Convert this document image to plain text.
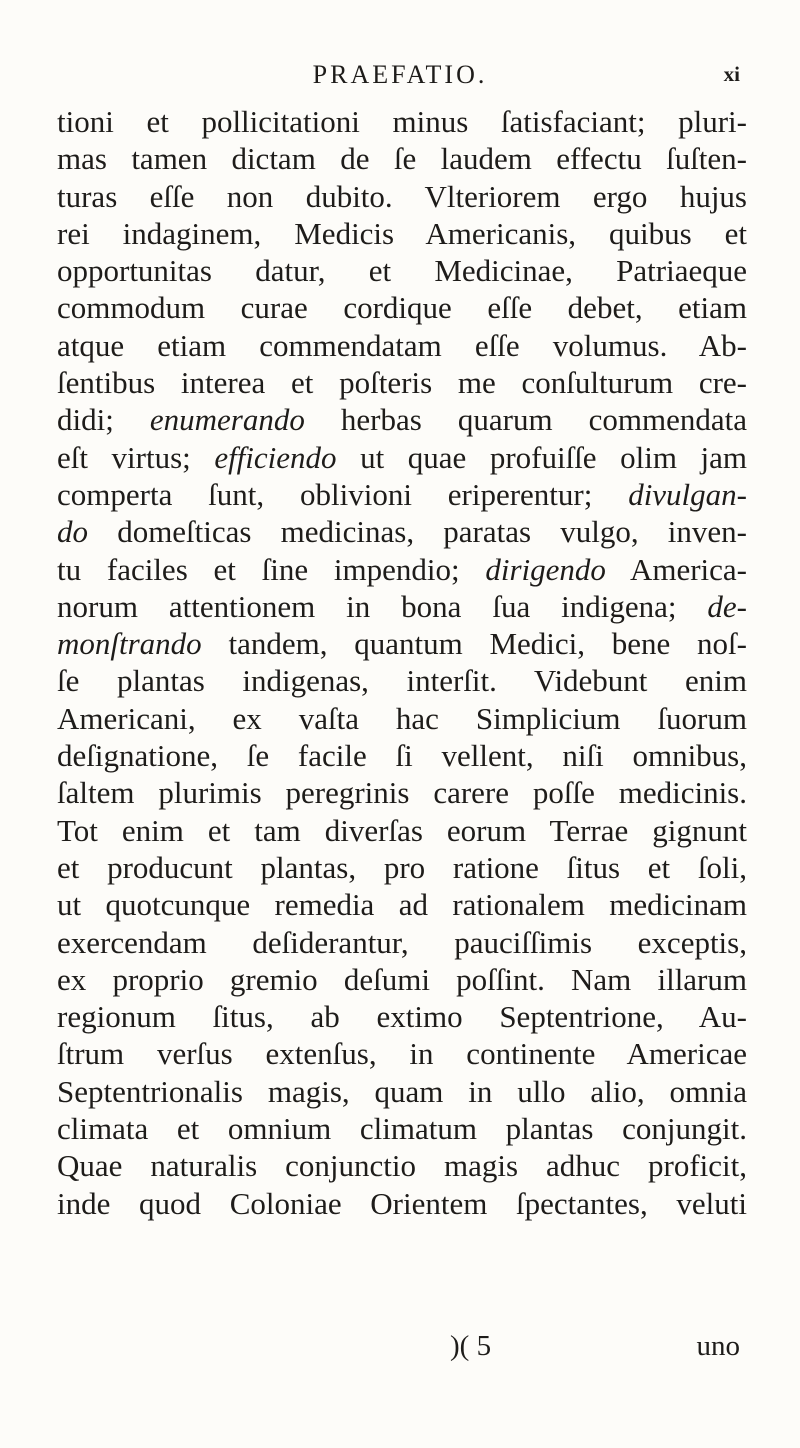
PRAEFATIO.	xi
tioni et pollicitationi minus ſatisfaciant; pluri-
mas tamen dictam de ſe laudem effectu ſuſten-
turas eſſe non dubito. Vlteriorem ergo hujus
rei indaginem, Medicis Americanis, quibus et
opportunitas datur, et Medicinae, Patriaeque
commodum curae cordique eſſe debet, etiam
atque etiam commendatam eſſe volumus. Ab-
ſentibus interea et poſteris me conſulturum cre-
didi; enumerando herbas quarum commendata
eſt virtus; efficiendo ut quae profuiſſe olim jam
comperta ſunt, oblivioni eriperentur; divulgan-
do domeſticas medicinas, paratas vulgo, inven-
tu faciles et ſine impendio; dirigendo America-
norum attentionem in bona ſua indigena; de-
monſtrando tandem, quantum Medici, bene noſ-
ſe plantas indigenas, interſit. Videbunt enim
Americani, ex vaſta hac Simplicium ſuorum
deſignatione, ſe facile ſi vellent, niſi omnibus,
ſaltem plurimis peregrinis carere poſſe medicinis.
Tot enim et tam diverſas eorum Terrae gignunt
et producunt plantas, pro ratione ſitus et ſoli,
ut quotcunque remedia ad rationalem medicinam
exercendam deſiderantur, pauciſſimis exceptis,
ex proprio gremio deſumi poſſint. Nam illarum
regionum ſitus, ab extimo Septentrione, Au-
ſtrum verſus extenſus, in continente Americae
Septentrionalis magis, quam in ullo alio, omnia
climata et omnium climatum plantas conjungit.
Quae naturalis conjunctio magis adhuc proficit,
inde quod Coloniae Orientem ſpectantes, veluti
)( 5	uno
